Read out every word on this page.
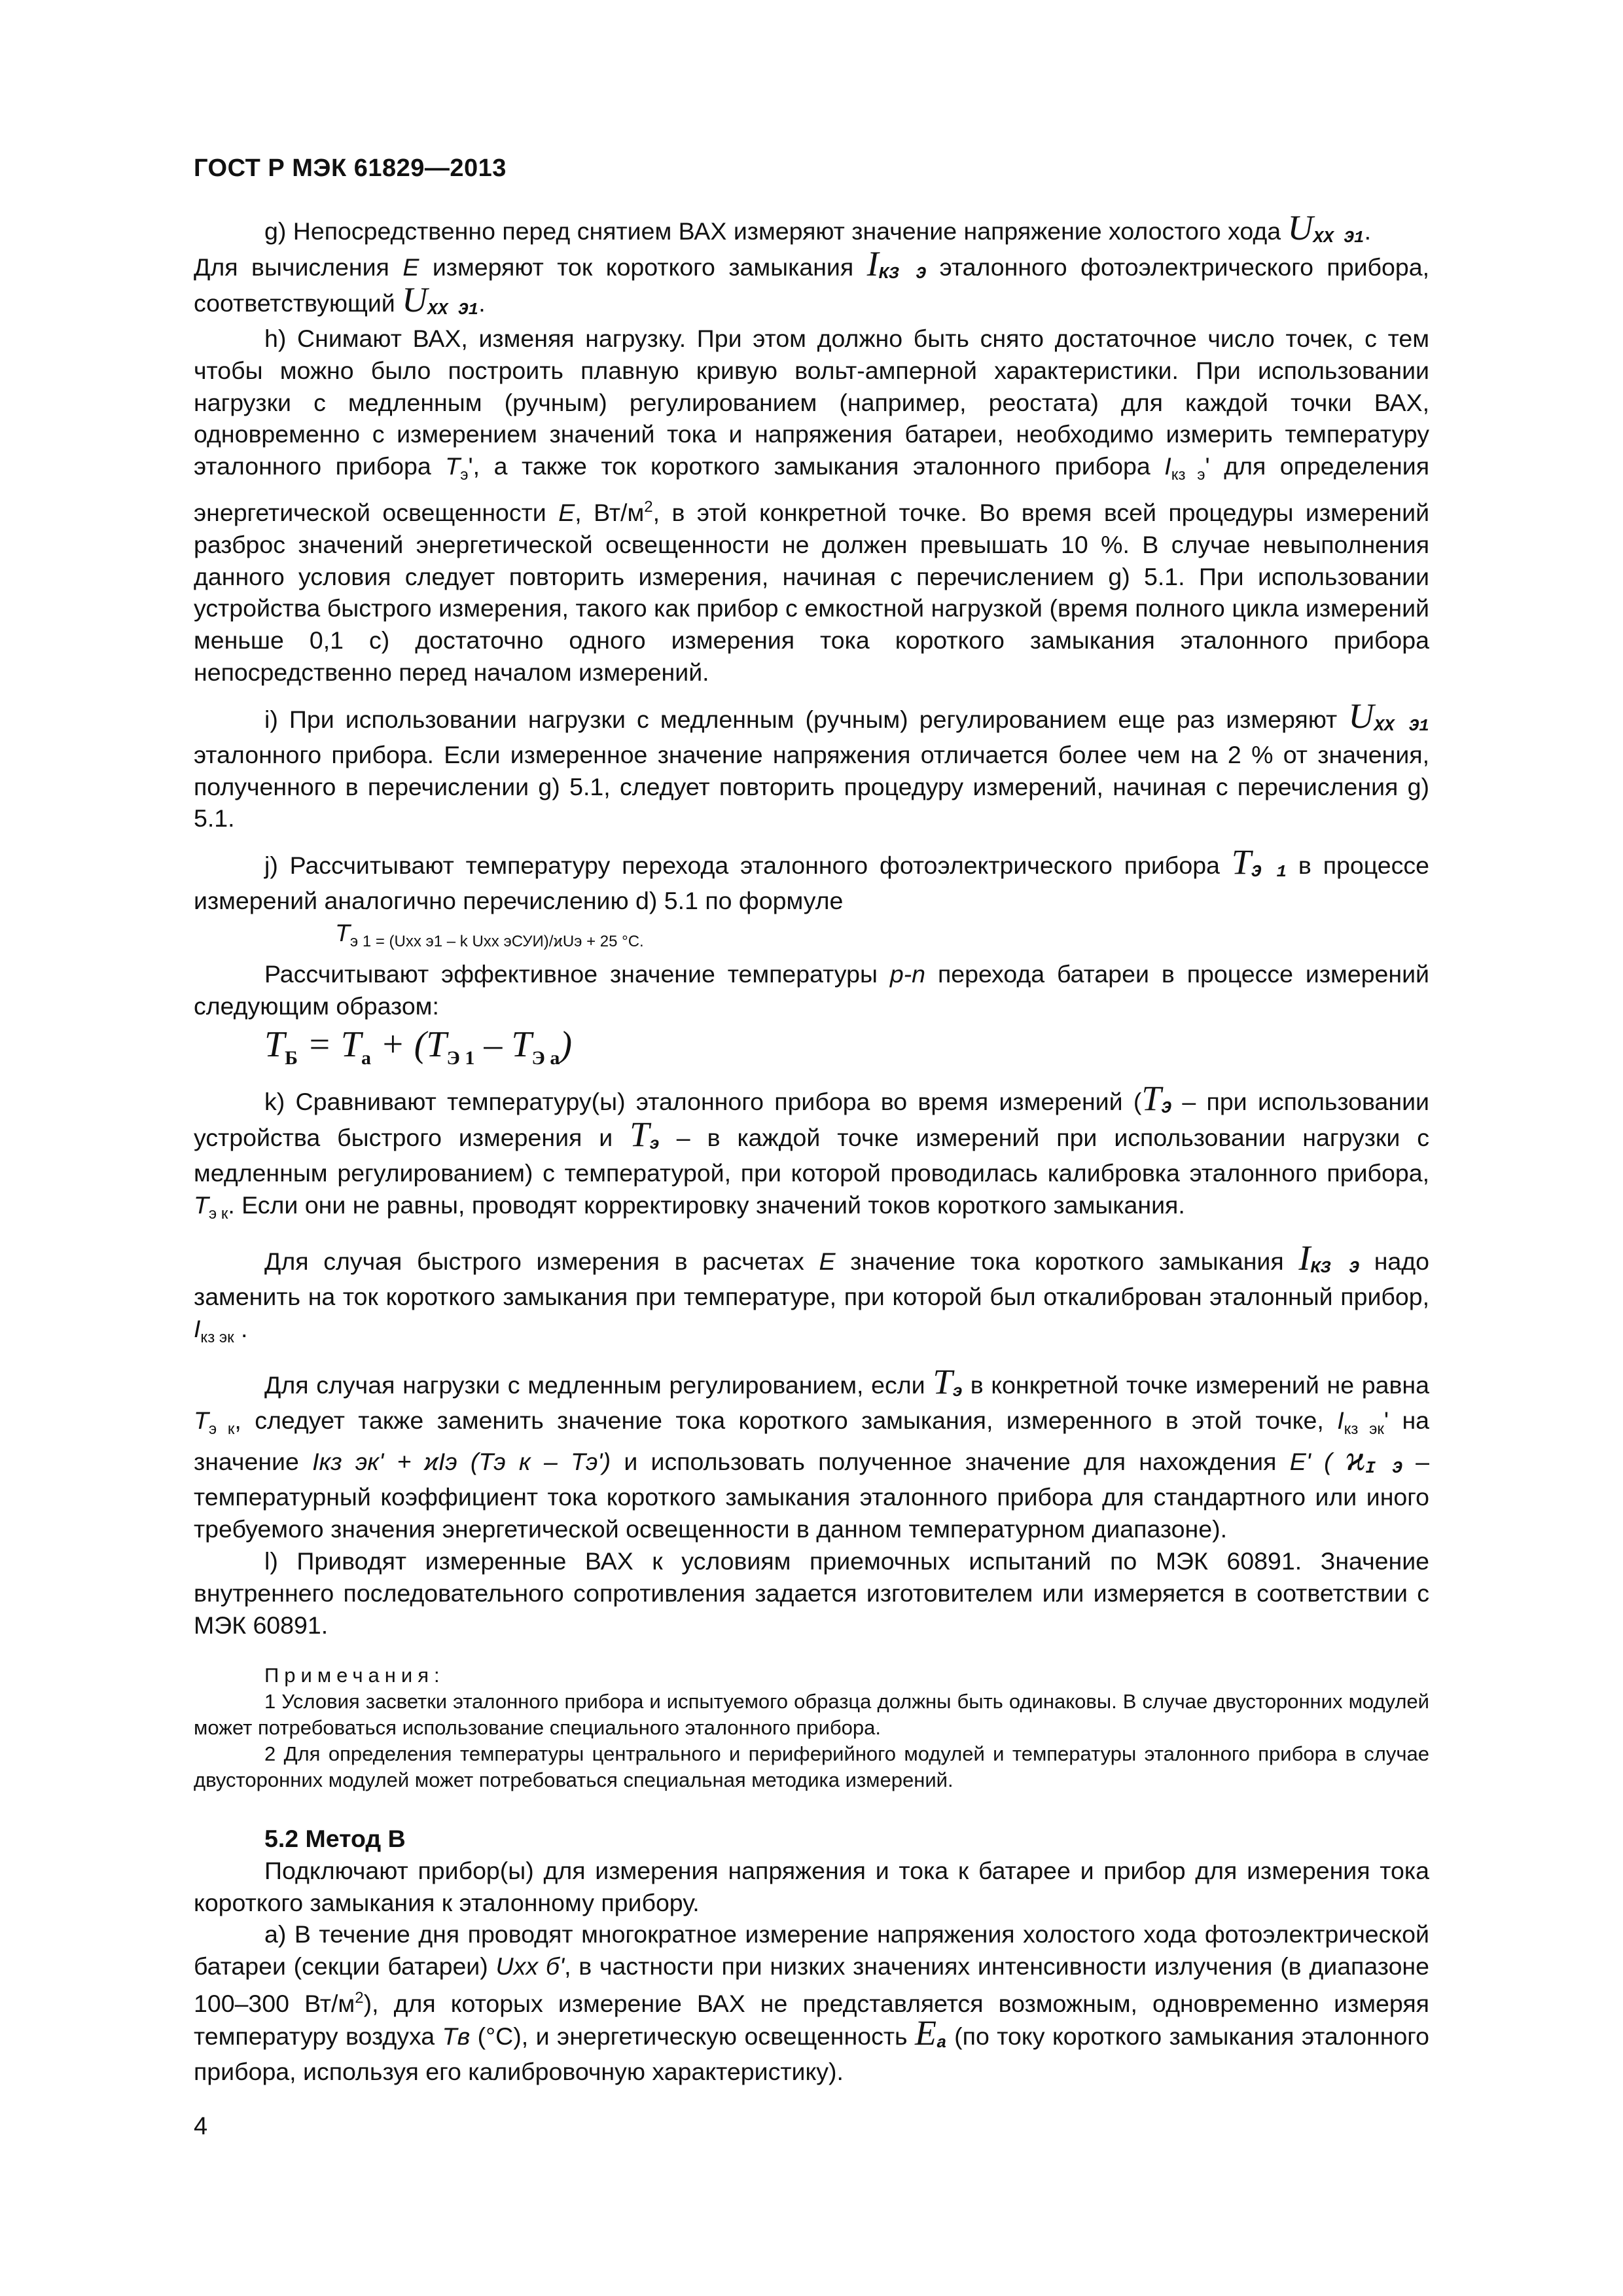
ГОСТ Р МЭК 61829—2013

g) Непосредственно перед снятием ВАХ измеряют значение напряжение холостого хода UХХ Э1.

Для вычисления E измеряют ток короткого замыкания IКЗ Э эталонного фотоэлектрического прибора, соответствующий UХХ Э1.

h) Снимают ВАХ, изменяя нагрузку. При этом должно быть снято достаточное число точек, с тем чтобы можно было построить плавную кривую вольт-амперной характеристики. При использовании нагрузки с медленным (ручным) регулированием (например, реостата) для каждой точки ВАХ, одновременно с измерением значений тока и напряжения батареи, необходимо измерить температуру эталонного прибора $T_э'$, а также ток короткого замыкания эталонного прибора $I_{кз э}'$ для определения энергетической освещенности E, $Вт/м^2$, в этой конкретной точке. Во время всей процедуры измерений разброс значений энергетической освещенности не должен превышать 10 %. В случае невыполнения данного условия следует повторить измерения, начиная с перечислением g) 5.1. При использовании устройства быстрого измерения, такого как прибор с емкостной нагрузкой (время полного цикла измерений меньше 0,1 с) достаточно одного измерения тока короткого замыкания эталонного прибора непосредственно перед началом измерений.

i) При использовании нагрузки с медленным (ручным) регулированием еще раз измеряют UХХ Э1 эталонного прибора. Если измеренное значение напряжения отличается более чем на 2 % от значения, полученного в перечислении g) 5.1, следует повторить процедуру измерений, начиная с перечисления g) 5.1.

j) Рассчитывают температуру перехода эталонного фотоэлектрического прибора TЭ 1 в процессе измерений аналогично перечислению d) 5.1 по формуле

$T_{э 1 = (Uхх э1 - k Uхх эСУИ)/ϰUэ + 25 ^\circ C.}$

Рассчитывают эффективное значение температуры p-n перехода батареи в процессе измерений следующим образом:

$T_Б = T_а + (T_{Э 1} - T_{Э а})$

k) Сравнивают температуру(ы) эталонного прибора во время измерений (TЭ – при использовании устройства быстрого измерения и Tэ – в каждой точке измерений при использовании нагрузки с медленным регулированием) с температурой, при которой проводилась калибровка эталонного прибора, $T_{э к}$. Если они не равны, проводят корректировку значений токов короткого замыкания.

Для случая быстрого измерения в расчетах E значение тока короткого замыкания IКЗ Э надо заменить на ток короткого замыкания при температуре, при которой был откалиброван эталонный прибор, $I_{кз эк}$ .

Для случая нагрузки с медленным регулированием, если Tэ в конкретной точке измерений не равна $T_{э к}$, следует также заменить значение тока короткого замыкания, измеренного в этой точке, $I_{кз эк}'$ на значение Iкз эк' + ϰIэ (Tэ к – Tэ') и использовать полученное значение для нахождения E' ( ϰI Э – температурный коэффициент тока короткого замыкания эталонного прибора для стандартного или иного требуемого значения энергетической освещенности в данном температурном диапазоне).

l) Приводят измеренные ВАХ к условиям приемочных испытаний по МЭК 60891. Значение внутреннего последовательного сопротивления задается изготовителем или измеряется в соответствии с МЭК 60891.

Примечания:

1 Условия засветки эталонного прибора и испытуемого образца должны быть одинаковы. В случае двусторонних модулей может потребоваться использование специального эталонного прибора.

2 Для определения температуры центрального и периферийного модулей и температуры эталонного прибора в случае двусторонних модулей может потребоваться специальная методика измерений.

5.2 Метод В

Подключают прибор(ы) для измерения напряжения и тока к батарее и прибор для измерения тока короткого замыкания к эталонному прибору.

а) В течение дня проводят многократное измерение напряжения холостого хода фотоэлектрической батареи (секции батареи) Uхх б', в частности при низких значениях интенсивности излучения (в диапазоне 100–300 $Вт/м^2$), для которых измерение ВАХ не представляется возможным, одновременно измеряя температуру воздуха Tв (°C), и энергетическую освещенность Eа (по току короткого замыкания эталонного прибора, используя его калибровочную характеристику).

4
